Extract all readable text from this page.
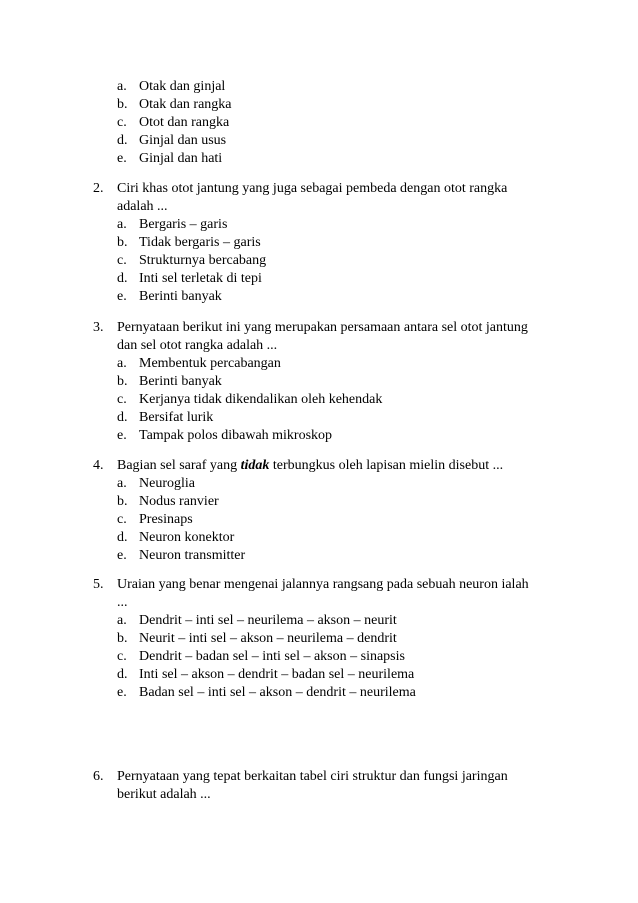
a. Otak dan ginjal
b. Otak dan rangka
c. Otot dan rangka
d. Ginjal dan usus
e. Ginjal dan hati
2. Ciri khas otot jantung yang juga sebagai pembeda dengan otot rangka
adalah ...
a. Bergaris – garis
b. Tidak bergaris – garis
c. Strukturnya bercabang
d. Inti sel terletak di tepi
e. Berinti banyak
3. Pernyataan berikut ini yang merupakan persamaan antara sel otot jantung
dan sel otot rangka adalah ...
a. Membentuk percabangan
b. Berinti banyak
c. Kerjanya tidak dikendalikan oleh kehendak
d. Bersifat lurik
e. Tampak polos dibawah mikroskop
4. Bagian sel saraf yang tidak terbungkus oleh lapisan mielin disebut ...
a. Neuroglia
b. Nodus ranvier
c. Presinaps
d. Neuron konektor
e. Neuron transmitter
5. Uraian yang benar mengenai jalannya rangsang pada sebuah neuron ialah
...
a. Dendrit – inti sel – neurilema – akson – neurit
b. Neurit – inti sel – akson – neurilema – dendrit
c. Dendrit – badan sel – inti sel – akson – sinapsis
d. Inti sel – akson – dendrit – badan sel – neurilema
e. Badan sel – inti sel – akson – dendrit – neurilema
6. Pernyataan yang tepat berkaitan tabel ciri struktur dan fungsi jaringan
berikut adalah ...
